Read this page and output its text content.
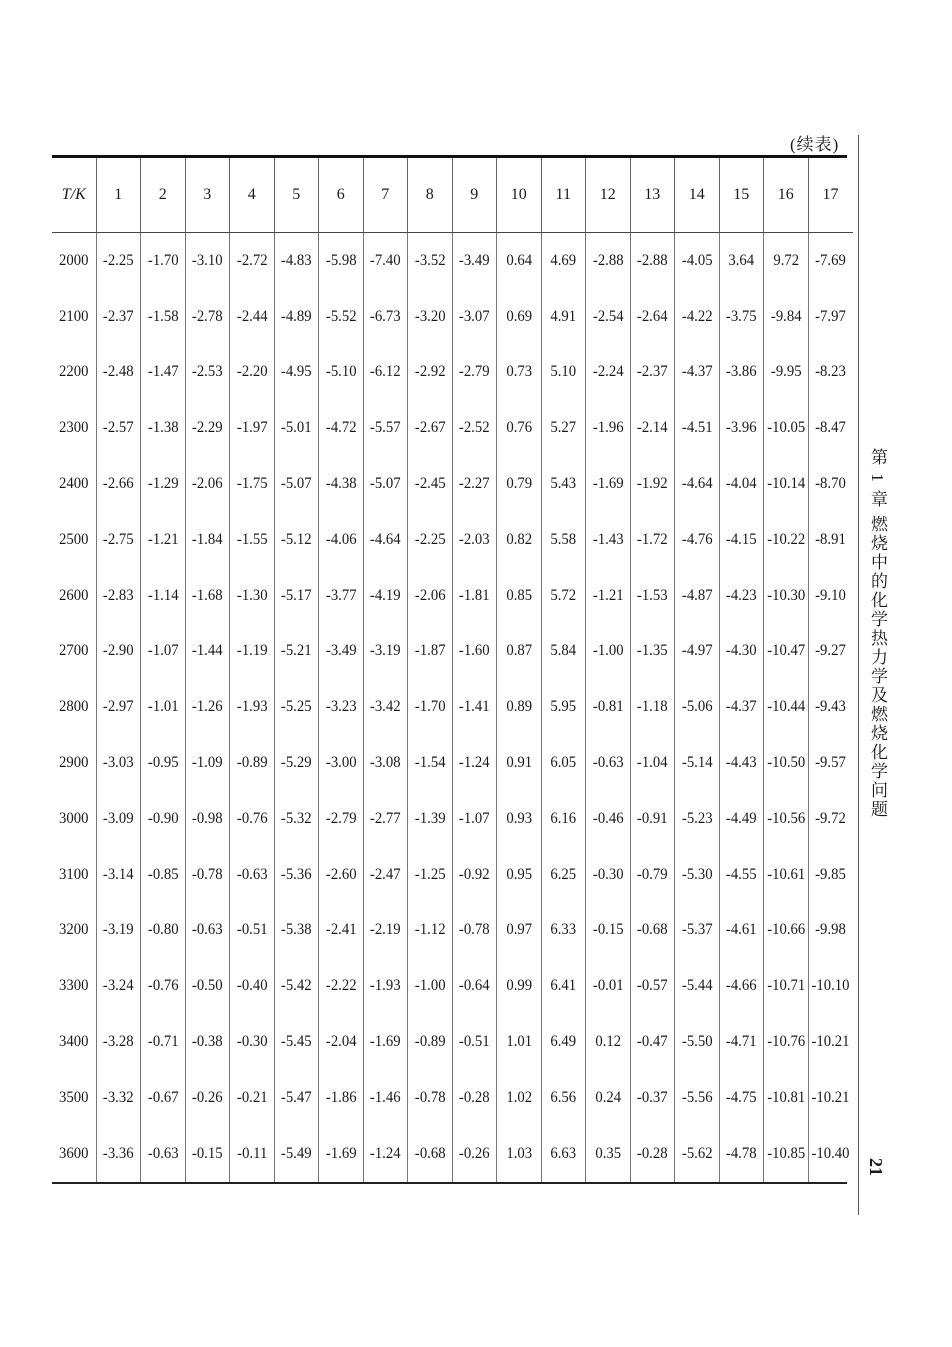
(续表)
T/K	1	2	3	4	5	6	7	8	9	10	11	12	13	14	15	16	17
2000	-2.25	-1.70	-3.10	-2.72	-4.83	-5.98	-7.40	-3.52	-3.49	0.64	4.69	-2.88	-2.88	-4.05	3.64	9.72	-7.69
2100	-2.37	-1.58	-2.78	-2.44	-4.89	-5.52	-6.73	-3.20	-3.07	0.69	4.91	-2.54	-2.64	-4.22	-3.75	-9.84	-7.97
2200	-2.48	-1.47	-2.53	-2.20	-4.95	-5.10	-6.12	-2.92	-2.79	0.73	5.10	-2.24	-2.37	-4.37	-3.86	-9.95	-8.23
2300	-2.57	-1.38	-2.29	-1.97	-5.01	-4.72	-5.57	-2.67	-2.52	0.76	5.27	-1.96	-2.14	-4.51	-3.96	-10.05	-8.47
2400	-2.66	-1.29	-2.06	-1.75	-5.07	-4.38	-5.07	-2.45	-2.27	0.79	5.43	-1.69	-1.92	-4.64	-4.04	-10.14	-8.70
2500	-2.75	-1.21	-1.84	-1.55	-5.12	-4.06	-4.64	-2.25	-2.03	0.82	5.58	-1.43	-1.72	-4.76	-4.15	-10.22	-8.91
2600	-2.83	-1.14	-1.68	-1.30	-5.17	-3.77	-4.19	-2.06	-1.81	0.85	5.72	-1.21	-1.53	-4.87	-4.23	-10.30	-9.10
2700	-2.90	-1.07	-1.44	-1.19	-5.21	-3.49	-3.19	-1.87	-1.60	0.87	5.84	-1.00	-1.35	-4.97	-4.30	-10.47	-9.27
2800	-2.97	-1.01	-1.26	-1.93	-5.25	-3.23	-3.42	-1.70	-1.41	0.89	5.95	-0.81	-1.18	-5.06	-4.37	-10.44	-9.43
2900	-3.03	-0.95	-1.09	-0.89	-5.29	-3.00	-3.08	-1.54	-1.24	0.91	6.05	-0.63	-1.04	-5.14	-4.43	-10.50	-9.57
3000	-3.09	-0.90	-0.98	-0.76	-5.32	-2.79	-2.77	-1.39	-1.07	0.93	6.16	-0.46	-0.91	-5.23	-4.49	-10.56	-9.72
3100	-3.14	-0.85	-0.78	-0.63	-5.36	-2.60	-2.47	-1.25	-0.92	0.95	6.25	-0.30	-0.79	-5.30	-4.55	-10.61	-9.85
3200	-3.19	-0.80	-0.63	-0.51	-5.38	-2.41	-2.19	-1.12	-0.78	0.97	6.33	-0.15	-0.68	-5.37	-4.61	-10.66	-9.98
3300	-3.24	-0.76	-0.50	-0.40	-5.42	-2.22	-1.93	-1.00	-0.64	0.99	6.41	-0.01	-0.57	-5.44	-4.66	-10.71	-10.10
3400	-3.28	-0.71	-0.38	-0.30	-5.45	-2.04	-1.69	-0.89	-0.51	1.01	6.49	0.12	-0.47	-5.50	-4.71	-10.76	-10.21
3500	-3.32	-0.67	-0.26	-0.21	-5.47	-1.86	-1.46	-0.78	-0.28	1.02	6.56	0.24	-0.37	-5.56	-4.75	-10.81	-10.21
3600	-3.36	-0.63	-0.15	-0.11	-5.49	-1.69	-1.24	-0.68	-0.26	1.03	6.63	0.35	-0.28	-5.62	-4.78	-10.85	-10.40
第 1 章 燃烧中的化学热力学及燃烧化学问题
21
